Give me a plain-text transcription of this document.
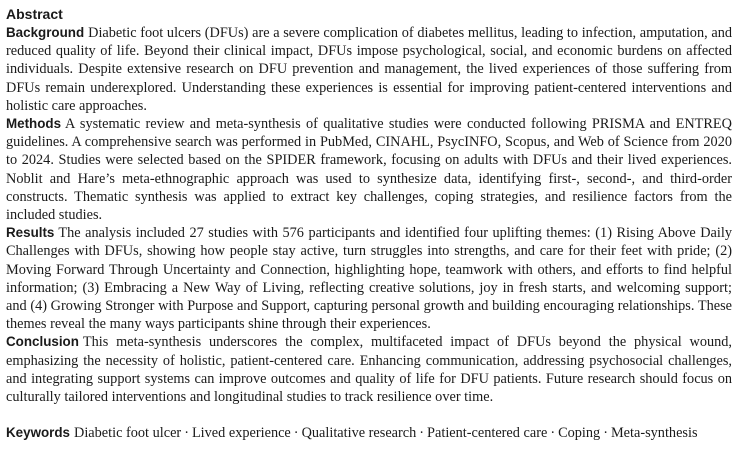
Abstract

Background Diabetic foot ulcers (DFUs) are a severe complication of diabetes mellitus, leading to infection, amputation, and reduced quality of life. Beyond their clinical impact, DFUs impose psychological, social, and economic burdens on affected individuals. Despite extensive research on DFU prevention and management, the lived experiences of those suffering from DFUs remain underexplored. Understanding these experiences is essential for improving patient-centered interventions and holistic care approaches.

Methods A systematic review and meta-synthesis of qualitative studies were conducted following PRISMA and ENTREQ guidelines. A comprehensive search was performed in PubMed, CINAHL, PsycINFO, Scopus, and Web of Science from 2020 to 2024. Studies were selected based on the SPIDER framework, focusing on adults with DFUs and their lived experiences. Noblit and Hare’s meta-ethnographic approach was used to synthesize data, identifying first-, second-, and third-order constructs. Thematic synthesis was applied to extract key challenges, coping strategies, and resilience factors from the included studies.

Results The analysis included 27 studies with 576 participants and identified four uplifting themes: (1) Rising Above Daily Challenges with DFUs, showing how people stay active, turn struggles into strengths, and care for their feet with pride; (2) Moving Forward Through Uncertainty and Connection, highlighting hope, teamwork with others, and efforts to find helpful information; (3) Embracing a New Way of Living, reflecting creative solutions, joy in fresh starts, and welcoming support; and (4) Growing Stronger with Purpose and Support, capturing personal growth and building encouraging relationships. These themes reveal the many ways participants shine through their experiences.

Conclusion This meta-synthesis underscores the complex, multifaceted impact of DFUs beyond the physical wound, emphasizing the necessity of holistic, patient-centered care. Enhancing communication, addressing psychosocial challenges, and integrating support systems can improve outcomes and quality of life for DFU patients. Future research should focus on culturally tailored interventions and longitudinal studies to track resilience over time.

Keywords Diabetic foot ulcer · Lived experience · Qualitative research · Patient-centered care · Coping · Meta-synthesis
